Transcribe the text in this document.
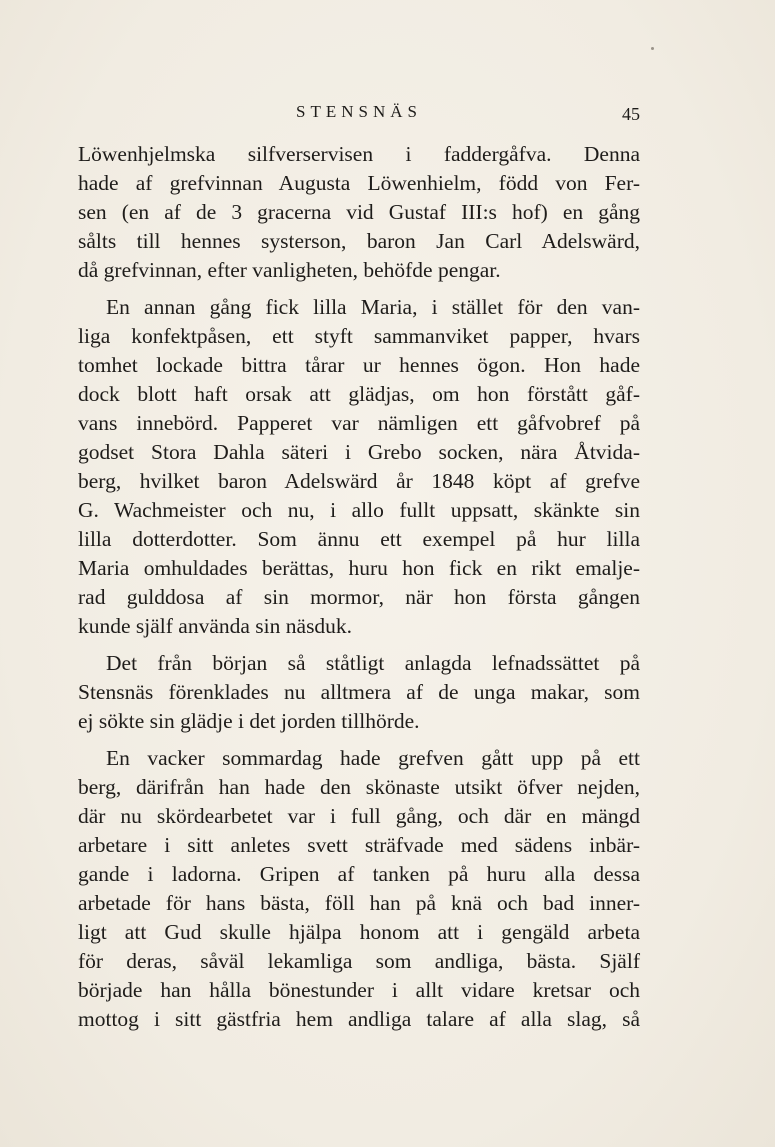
STENSNÄS	45
Löwenhjelmska silfverservisen i faddergåfva. Denna
hade af grefvinnan Augusta Löwenhielm, född von Fer-
sen (en af de 3 gracerna vid Gustaf III:s hof) en gång
sålts till hennes systerson, baron Jan Carl Adelswärd,
då grefvinnan, efter vanligheten, behöfde pengar.
En annan gång fick lilla Maria, i stället för den van-
liga konfektpåsen, ett styft sammanviket papper, hvars
tomhet lockade bittra tårar ur hennes ögon. Hon hade
dock blott haft orsak att glädjas, om hon förstått gåf-
vans innebörd. Papperet var nämligen ett gåfvobref på
godset Stora Dahla säteri i Grebo socken, nära Åtvida-
berg, hvilket baron Adelswärd år 1848 köpt af grefve
G. Wachmeister och nu, i allo fullt uppsatt, skänkte sin
lilla dotterdotter. Som ännu ett exempel på hur lilla
Maria omhuldades berättas, huru hon fick en rikt emalje-
rad gulddosa af sin mormor, när hon första gången
kunde själf använda sin näsduk.
Det från början så ståtligt anlagda lefnadssättet på
Stensnäs förenklades nu alltmera af de unga makar, som
ej sökte sin glädje i det jorden tillhörde.
En vacker sommardag hade grefven gått upp på ett
berg, därifrån han hade den skönaste utsikt öfver nejden,
där nu skördearbetet var i full gång, och där en mängd
arbetare i sitt anletes svett sträfvade med sädens inbär-
gande i ladorna. Gripen af tanken på huru alla dessa
arbetade för hans bästa, föll han på knä och bad inner-
ligt att Gud skulle hjälpa honom att i gengäld arbeta
för deras, såväl lekamliga som andliga, bästa. Själf
började han hålla bönestunder i allt vidare kretsar och
mottog i sitt gästfria hem andliga talare af alla slag, så
